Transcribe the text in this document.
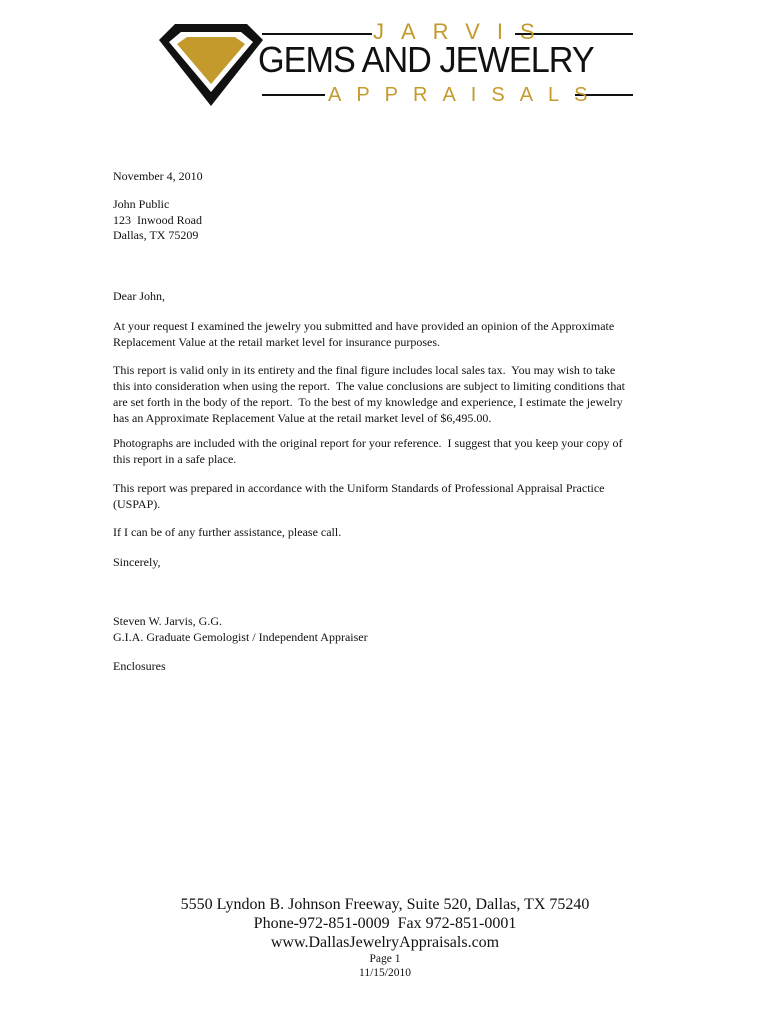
JARVIS
GEMS AND JEWELRY
APPRAISALS
November 4, 2010
John Public
123  Inwood Road
Dallas, TX 75209
Dear John,
At your request I examined the jewelry you submitted and have provided an opinion of the Approximate
Replacement Value at the retail market level for insurance purposes.
This report is valid only in its entirety and the final figure includes local sales tax.  You may wish to take
this into consideration when using the report.  The value conclusions are subject to limiting conditions that
are set forth in the body of the report.  To the best of my knowledge and experience, I estimate the jewelry
has an Approximate Replacement Value at the retail market level of $6,495.00.
Photographs are included with the original report for your reference.  I suggest that you keep your copy of
this report in a safe place.
This report was prepared in accordance with the Uniform Standards of Professional Appraisal Practice
(USPAP).
If I can be of any further assistance, please call.
Sincerely,
Steven W. Jarvis, G.G.
G.I.A. Graduate Gemologist / Independent Appraiser
Enclosures
5550 Lyndon B. Johnson Freeway, Suite 520, Dallas, TX 75240
Phone-972-851-0009  Fax 972-851-0001
www.DallasJewelryAppraisals.com
Page 1
11/15/2010
